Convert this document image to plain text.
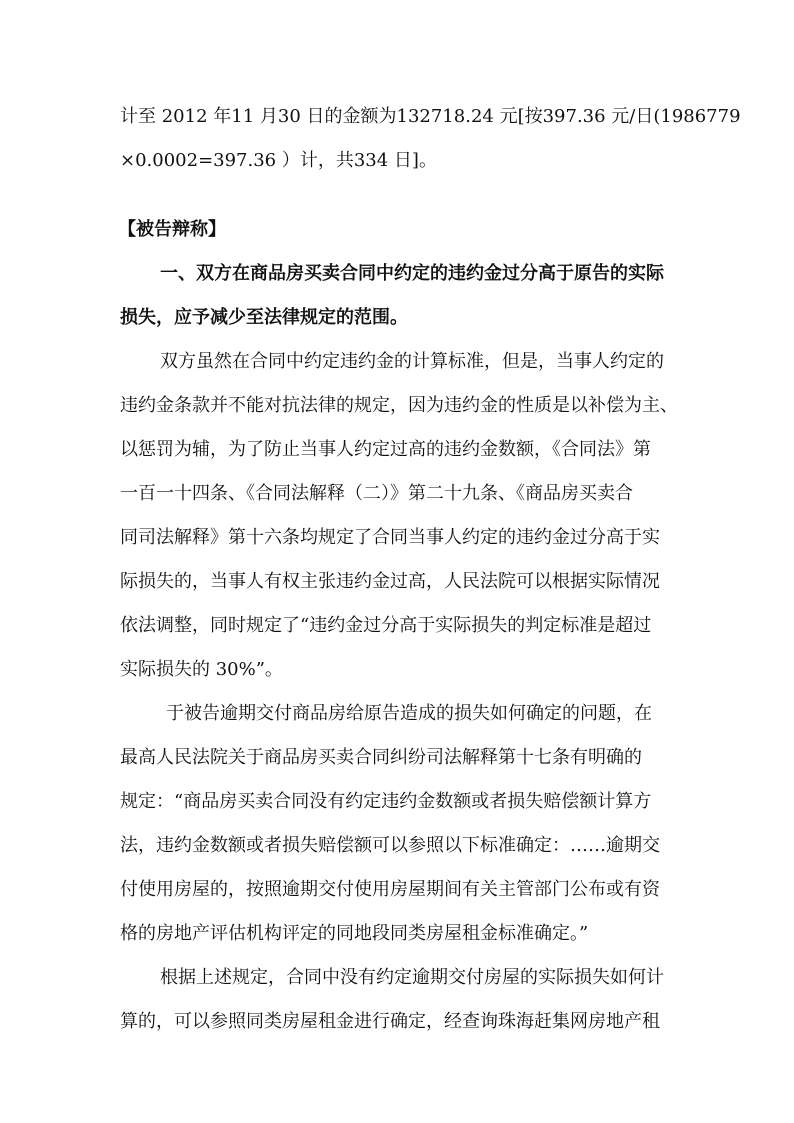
计至 2012 年11 月30 日的金额为132718.24 元[按397.36 元/日(1986779

×0.0002=397.36 ）计，共334 日]。

【被告辩称】

一、双方在商品房买卖合同中约定的违约金过分高于原告的实际

损失，应予减少至法律规定的范围。

双方虽然在合同中约定违约金的计算标准，但是，当事人约定的

违约金条款并不能对抗法律的规定，因为违约金的性质是以补偿为主、

以惩罚为辅，为了防止当事人约定过高的违约金数额，《合同法》第

一百一十四条、《合同法解释（二）》第二十九条、《商品房买卖合

同司法解释》第十六条均规定了合同当事人约定的违约金过分高于实

际损失的，当事人有权主张违约金过高，人民法院可以根据实际情况

依法调整，同时规定了“违约金过分高于实际损失的判定标准是超过

实际损失的 30%”。

于被告逾期交付商品房给原告造成的损失如何确定的问题，在

最高人民法院关于商品房买卖合同纠纷司法解释第十七条有明确的

规定：“商品房买卖合同没有约定违约金数额或者损失赔偿额计算方

法，违约金数额或者损失赔偿额可以参照以下标准确定：……逾期交

付使用房屋的，按照逾期交付使用房屋期间有关主管部门公布或有资

格的房地产评估机构评定的同地段同类房屋租金标准确定。”

根据上述规定，合同中没有约定逾期交付房屋的实际损失如何计

算的，可以参照同类房屋租金进行确定，经查询珠海赶集网房地产租
